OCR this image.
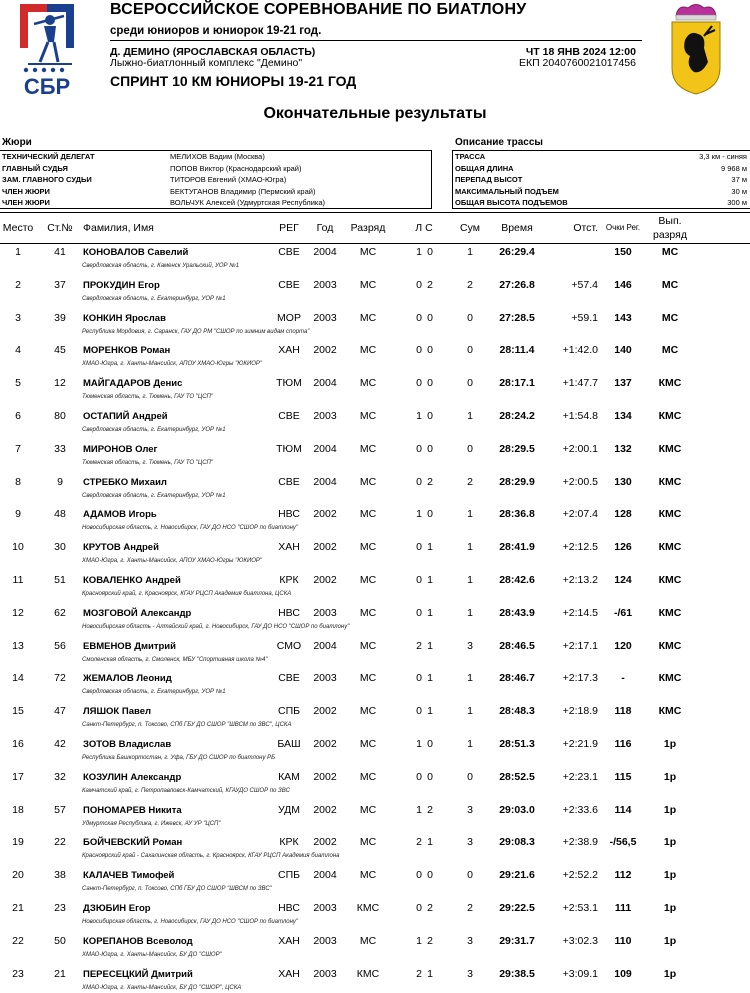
СБР
ВСЕРОССИЙСКОЕ СОРЕВНОВАНИЕ ПО БИАТЛОНУ
среди юниоров и юниорок 19-21 год.
Д. ДЕМИНО (ЯРОСЛАВСКАЯ ОБЛАСТЬ)
Лыжно-биатлонный комплекс "Демино"
ЧТ 18 ЯНВ 2024 12:00
ЕКП 2040760021017456
СПРИНТ 10 КМ ЮНИОРЫ 19-21 ГОД
Окончательные результаты
Жюри	Описание трассы
ТЕХНИЧЕСКИЙ ДЕЛЕГАТ	МЕЛИХОВ Вадим (Москва)
ГЛАВНЫЙ СУДЬЯ	ПОПОВ Виктор (Краснодарский край)
ЗАМ. ГЛАВНОГО СУДЬИ	ТИТОРОВ Евгений (ХМАО-Югра)
ЧЛЕН ЖЮРИ	БЕКТУГАНОВ Владимир (Пермский край)
ЧЛЕН ЖЮРИ	ВОЛЬЧУК Алексей (Удмуртская Республика)
ТРАССА	3,3 км - синяя
ОБЩАЯ ДЛИНА	9 968 м
ПЕРЕПАД ВЫСОТ	37 м
МАКСИМАЛЬНЫЙ ПОДЪЕМ	30 м
ОБЩАЯ ВЫСОТА ПОДЪЕМОВ	300 м
Место Ст.№ Фамилия, Имя	РЕГ Год Разряд	Л С	Сум Время	Отст. Очки Рег.
Вып.
разряд
1	41 КОНОВАЛОВ Савелий	СВЕ 2004 МС	1 0	1	26:29.4	150	МС
Свердловская область, г. Каменск Уральский, УОР №1
2	37 ПРОКУДИН Егор	СВЕ 2003 МС	0 2	2	27:26.8	+57.4 146	МС
Свердловская область, г. Екатеринбург, УОР №1
3	39 КОНКИН Ярослав	МОР 2003 МС	0 0	0	27:28.5	+59.1 143	МС
Республика Мордовия, г. Саранск, ГАУ ДО РМ "СШОР по зимним видам спорта"
4	45 МОРЕНКОВ Роман	ХАН 2002 МС	0 0	0	28:11.4	+1:42.0 140	МС
ХМАО-Югра, г. Ханты-Мансийск, АПОУ ХМАО-Югры "ЮКИОР"
5	12 МАЙГАДАРОВ Денис	ТЮМ 2004 МС	0 0	0	28:17.1	+1:47.7 137	КМС
Тюменская область, г. Тюмень, ГАУ ТО "ЦСП"
6	80 ОСТАПИЙ Андрей	СВЕ 2003 МС	1 0	1	28:24.2	+1:54.8 134	КМС
Свердловская область, г. Екатеринбург, УОР №1
7	33 МИРОНОВ Олег	ТЮМ 2004 МС	0 0	0	28:29.5	+2:00.1 132	КМС
Тюменская область, г. Тюмень, ГАУ ТО "ЦСП"
8	9 СТРЕБКО Михаил	СВЕ 2004 МС	0 2	2	28:29.9	+2:00.5 130	КМС
Свердловская область, г. Екатеринбург, УОР №1
9	48 АДАМОВ Игорь	НВС 2002 МС	1 0	1	28:36.8	+2:07.4 128	КМС
Новосибирская область, г. Новосибирск, ГАУ ДО НСО "СШОР по биатлону"
10	30 КРУТОВ Андрей	ХАН 2002 МС	0 1	1	28:41.9	+2:12.5 126	КМС
ХМАО-Югра, г. Ханты-Мансийск, АПОУ ХМАО-Югры "ЮКИОР"
11	51 КОВАЛЕНКО Андрей	КРК 2002 МС	0 1	1	28:42.6	+2:13.2 124	КМС
Красноярский край, г. Красноярск, КГАУ РЦСП Академия биатлона, ЦСКА
12	62 МОЗГОВОЙ Александр	НВС 2003 МС	0 1	1	28:43.9	+2:14.5 -/61	КМС
Новосибирская область - Алтайский край, г. Новосибирск, ГАУ ДО НСО "СШОР по биатлону"
13	56 ЕВМЕНОВ Дмитрий	СМО 2004 МС	2 1	3	28:46.5	+2:17.1 120	КМС
Смоленская область, г. Смоленск, МБУ "Спортивная школа №4"
14	72 ЖЕМАЛОВ Леонид	СВЕ 2003 МС	0 1	1	28:46.7	+2:17.3 -	КМС
Свердловская область, г. Екатеринбург, УОР №1
15	47 ЛЯШОК Павел	СПБ 2002 МС	0 1	1	28:48.3	+2:18.9 118	КМС
Санкт-Петербург, п. Токсово, СПб ГБУ ДО СШОР "ШВСМ по ЗВС", ЦСКА
16	42 ЗОТОВ Владислав	БАШ 2002 МС	1 0	1	28:51.3	+2:21.9 116	1р
Республика Башкортостан, г. Уфа, ГБУ ДО СШОР по биатлону РБ
17	32 КОЗУЛИН Александр	КАМ 2002 МС	0 0	0	28:52.5	+2:23.1 115	1р
Камчатский край, г. Петропавловск-Камчатский, КГАУДО СШОР по ЗВС
18	57 ПОНОМАРЕВ Никита	УДМ 2002 МС	1 2	3	29:03.0	+2:33.6 114	1р
Удмуртская Республика, г. Ижевск, АУ УР "ЦСП"
19	22 БОЙЧЕВСКИЙ Роман	КРК 2002 МС	2 1	3	29:08.3	+2:38.9 -/56,5	1р
Красноярский край - Сахалинская область, г. Красноярск, КГАУ РЦСП Академия биатлона
20	38 КАЛАЧЕВ Тимофей	СПБ 2004 МС	0 0	0	29:21.6	+2:52.2 112	1р
Санкт-Петербург, п. Токсово, СПб ГБУ ДО СШОР "ШВСМ по ЗВС"
21	23 ДЗЮБИН Егор	НВС 2003 КМС	0 2	2	29:22.5	+2:53.1 111	1р
Новосибирская область, г. Новосибирск, ГАУ ДО НСО "СШОР по биатлону"
22	50 КОРЕПАНОВ Всеволод	ХАН 2003 МС	1 2	3	29:31.7	+3:02.3 110	1р
ХМАО-Югра, г. Ханты-Мансийск, БУ ДО "СШОР"
23	21 ПЕРЕСЕЦКИЙ Дмитрий	ХАН 2003 КМС	2 1	3	29:38.5	+3:09.1 109	1р
ХМАО-Югра, г. Ханты-Мансийск, БУ ДО "СШОР", ЦСКА
